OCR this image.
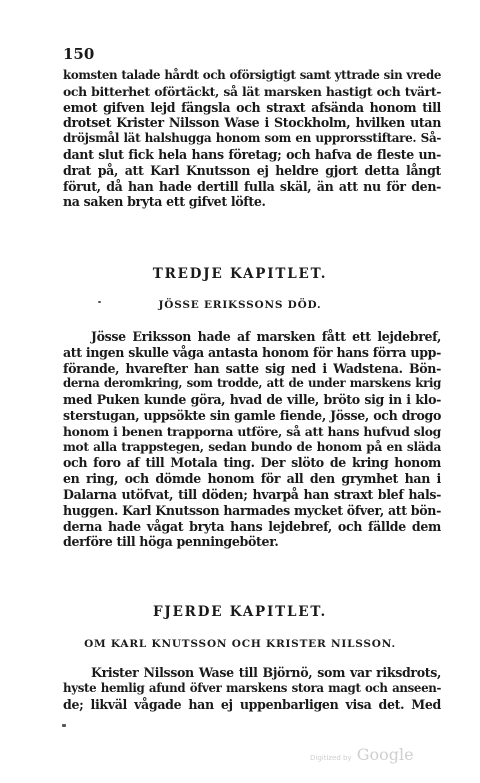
150
komsten talade hårdt och oförsigtigt samt yttrade sin vrede
och bitterhet oförtäckt, så lät marsken hastigt och tvärt-
emot gifven lejd fängsla och straxt afsända honom till
drotset Krister Nilsson Wase i Stockholm, hvilken utan
dröjsmål lät halshugga honom som en upprorsstiftare. Så-
dant slut fick hela hans företag; och hafva de fleste un-
drat på, att Karl Knutsson ej heldre gjort detta långt
förut, då han hade dertill fulla skäl, än att nu för den-
na saken bryta ett gifvet löfte.
TREDJE KAPITLET.
JÖSSE ERIKSSONS DÖD.
Jösse Eriksson hade af marsken fått ett lejdebref,
att ingen skulle våga antasta honom för hans förra upp-
förande, hvarefter han satte sig ned i Wadstena. Bön-
derna deromkring, som trodde, att de under marskens krig
med Puken kunde göra, hvad de ville, bröto sig in i klo-
sterstugan, uppsökte sin gamle fiende, Jösse, och drogo
honom i benen trapporna utföre, så att hans hufvud slog
mot alla trappstegen, sedan bundo de honom på en släda
och foro af till Motala ting. Der slöto de kring honom
en ring, och dömde honom för all den grymhet han i
Dalarna utöfvat, till döden; hvarpå han straxt blef hals-
huggen. Karl Knutsson harmades mycket öfver, att bön-
derna hade vågat bryta hans lejdebref, och fällde dem
derföre till höga penningeböter.
FJERDE KAPITLET.
OM KARL KNUTSSON OCH KRISTER NILSSON.
Krister Nilsson Wase till Björnö, som var riksdrots,
hyste hemlig afund öfver marskens stora magt och anseen-
de; likväl vågade han ej uppenbarligen visa det. Med
Digitized by Google
